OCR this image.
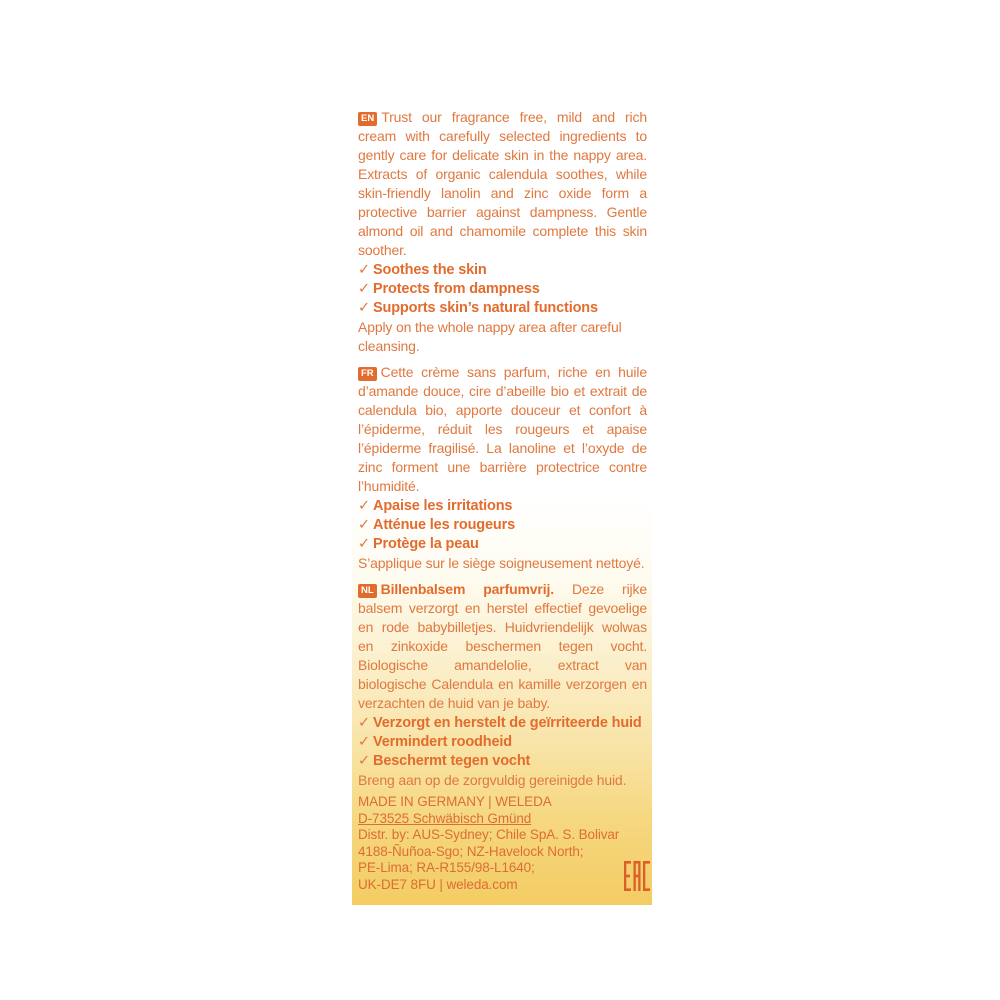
EN Trust our fragrance free, mild and rich cream with carefully selected ingredients to gently care for delicate skin in the nappy area. Extracts of organic calendula soothes, while skin-friendly lanolin and zinc oxide form a protective barrier against dampness. Gentle almond oil and chamomile complete this skin soother.

✓ Soothes the skin
✓ Protects from dampness
✓ Supports skin’s natural functions

Apply on the whole nappy area after careful cleansing.

FR Cette crème sans parfum, riche en huile d’amande douce, cire d’abeille bio et extrait de calendula bio, apporte douceur et confort à l’épiderme, réduit les rougeurs et apaise l’épiderme fragilisé. La lanoline et l’oxyde de zinc forment une barrière protectrice contre l’humidité.

✓ Apaise les irritations
✓ Atténue les rougeurs
✓ Protège la peau

S’applique sur le siège soigneusement nettoyé.

NL Billenbalsem parfumvrij. Deze rijke balsem verzorgt en herstel effectief gevoelige en rode babybilletjes. Huidvriendelijk wolwas en zinkoxide beschermen tegen vocht. Biologische amandelolie, extract van biologische Calendula en kamille verzorgen en verzachten de huid van je baby.

✓ Verzorgt en herstelt de geïrriteerde huid
✓ Vermindert roodheid
✓ Beschermt tegen vocht

Breng aan op de zorgvuldig gereinigde huid.

MADE IN GERMANY | WELEDA
D-73525 Schwäbisch Gmünd
Distr. by: AUS-Sydney; Chile SpA. S. Bolivar
4188-Ñuñoa-Sgo; NZ-Havelock North;
PE-Lima; RA-R155/98-L1640;
UK-DE7 8FU | weleda.com
